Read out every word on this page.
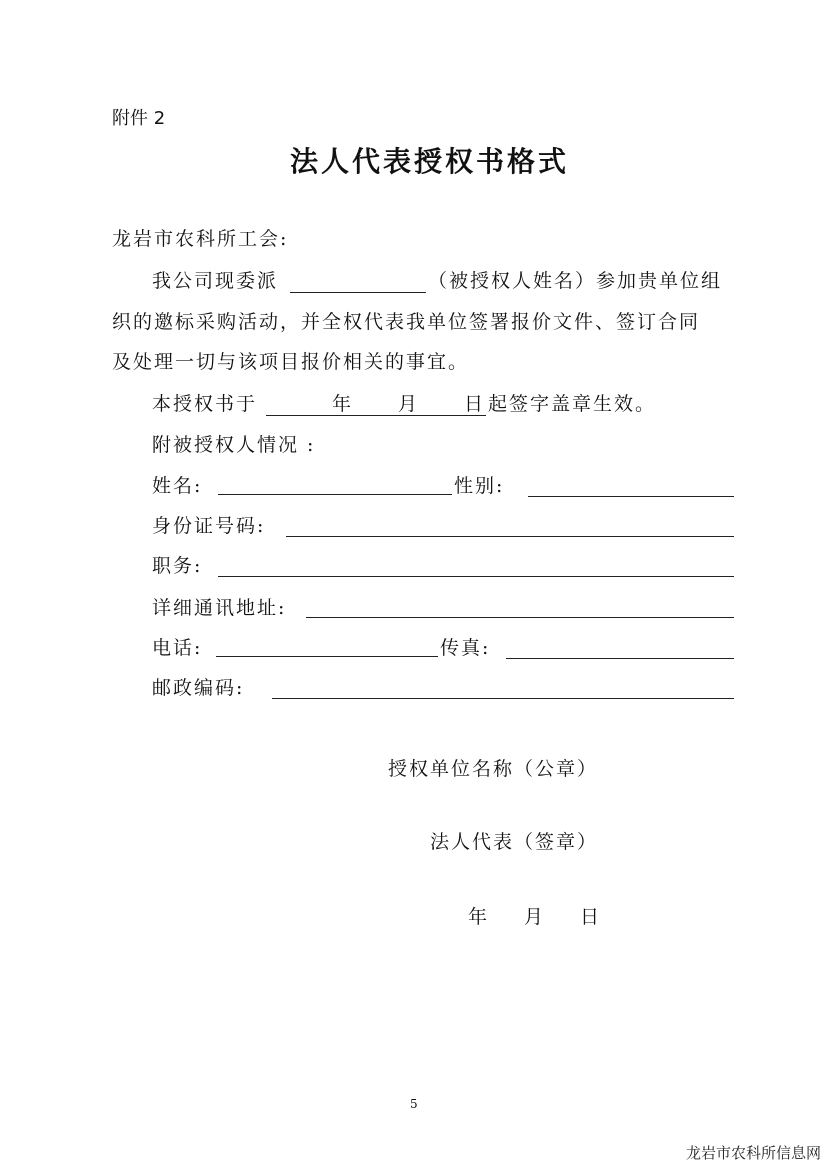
附件 2
法人代表授权书格式
龙岩市农科所工会:
我公司现委派	（被授权人姓名）参加贵单位组
织的邀标采购活动，并全权代表我单位签署报价文件、签订合同
及处理一切与该项目报价相关的事宜。
本授权书于	年 月 日 起签字盖章生效。
附被授权人情况 :
姓名:	性别:
身份证号码:
职务:
详细通讯地址:
电话:	传真:
邮政编码:
授权单位名称（公章）
法人代表（签章）
年 月 日
5
龙岩市农科所信息网
